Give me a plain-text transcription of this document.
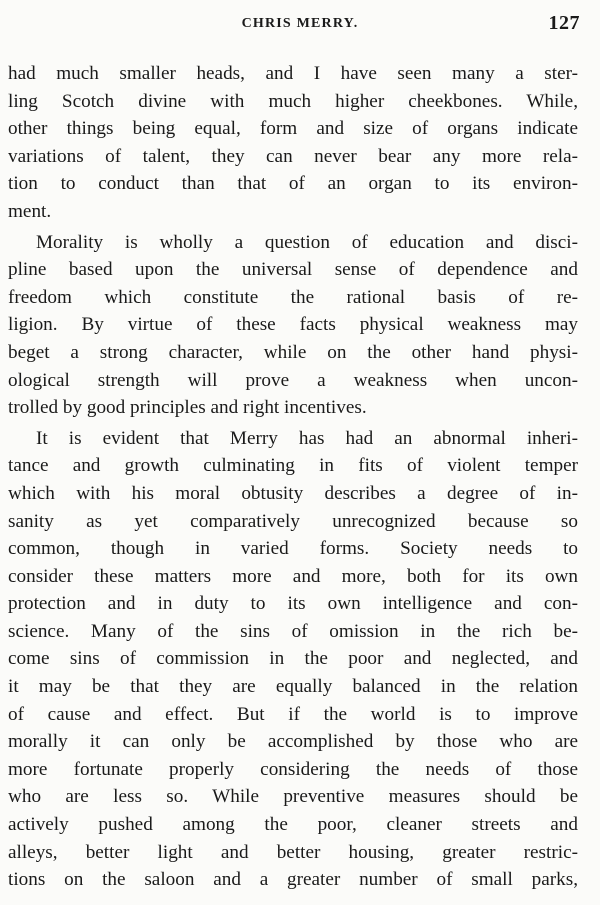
CHRIS MERRY.	127
had much smaller heads, and I have seen many a ster-
ling Scotch divine with much higher cheekbones. While,
other things being equal, form and size of organs indicate
variations of talent, they can never bear any more rela-
tion to conduct than that of an organ to its environ-
ment.
Morality is wholly a question of education and disci-
pline based upon the universal sense of dependence and
freedom which constitute the rational basis of re-
ligion. By virtue of these facts physical weakness may
beget a strong character, while on the other hand physi-
ological strength will prove a weakness when uncon-
trolled by good principles and right incentives.
It is evident that Merry has had an abnormal inheri-
tance and growth culminating in fits of violent temper
which with his moral obtusity describes a degree of in-
sanity as yet comparatively unrecognized because so
common, though in varied forms. Society needs to
consider these matters more and more, both for its own
protection and in duty to its own intelligence and con-
science. Many of the sins of omission in the rich be-
come sins of commission in the poor and neglected, and
it may be that they are equally balanced in the relation
of cause and effect. But if the world is to improve
morally it can only be accomplished by those who are
more fortunate properly considering the needs of those
who are less so. While preventive measures should be
actively pushed among the poor, cleaner streets and
alleys, better light and better housing, greater restric-
tions on the saloon and a greater number of small parks,
